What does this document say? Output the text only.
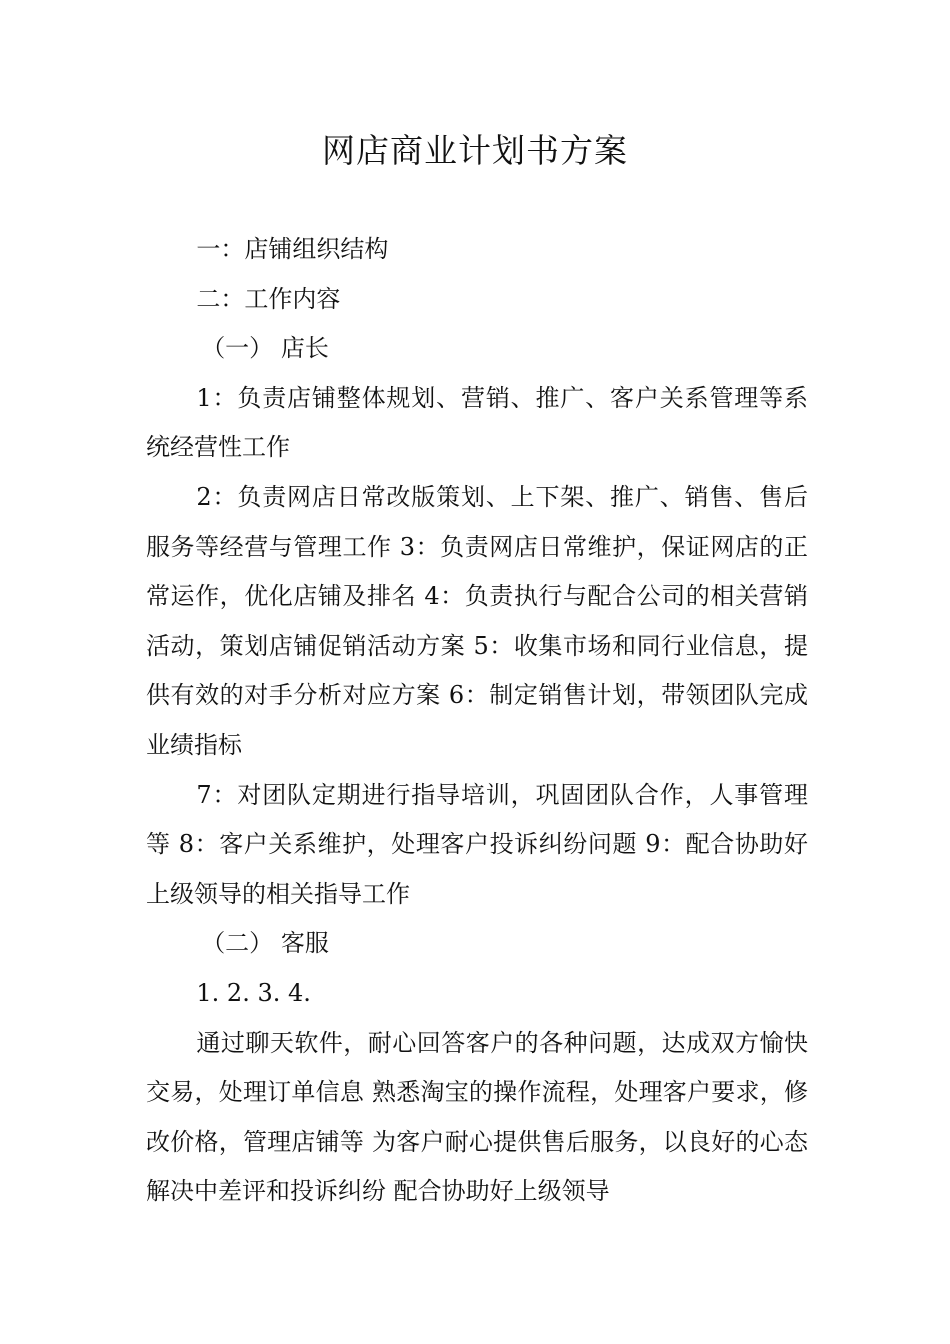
网店商业计划书方案

一：店铺组织结构

二：工作内容

（一） 店长

1：负责店铺整体规划、营销、推广、客户关系管理等系统经营性工作

2：负责网店日常改版策划、上下架、推广、销售、售后服务等经营与管理工作 3：负责网店日常维护，保证网店的正常运作，优化店铺及排名 4：负责执行与配合公司的相关营销活动，策划店铺促销活动方案 5：收集市场和同行业信息，提供有效的对手分析对应方案 6：制定销售计划，带领团队完成业绩指标

7：对团队定期进行指导培训，巩固团队合作，人事管理等 8：客户关系维护，处理客户投诉纠纷问题 9：配合协助好上级领导的相关指导工作

（二） 客服

1. 2. 3. 4.

通过聊天软件，耐心回答客户的各种问题，达成双方愉快交易，处理订单信息 熟悉淘宝的操作流程，处理客户要求，修改价格，管理店铺等 为客户耐心提供售后服务，以良好的心态解决中差评和投诉纠纷 配合协助好上级领导
